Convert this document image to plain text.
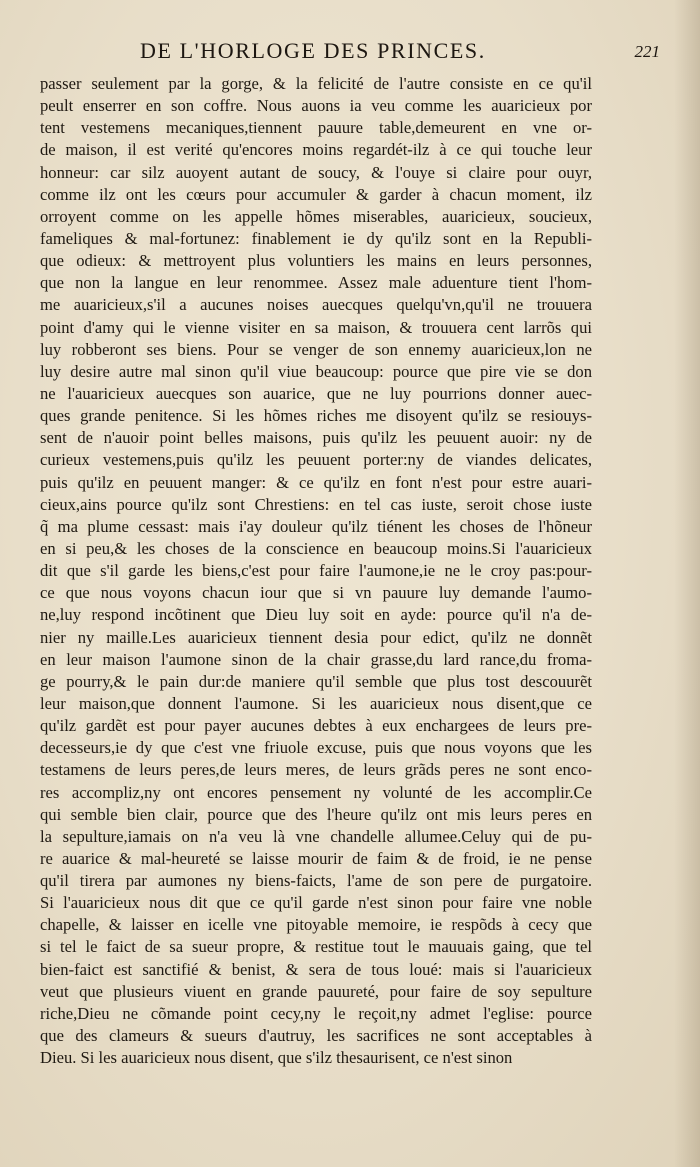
DE L'HORLOGE DES PRINCES.	221
passer seulement par la gorge, & la felicité de l'autre consiste en ce qu'il
peult enserrer en son coffre. Nous auons ia veu comme les auaricieux por
tent vestemens mecaniques,tiennent pauure table,demeurent en vne or-
de maison, il est verité qu'encores moins regardét-ilz à ce qui touche leur
honneur: car silz auoyent autant de soucy, & l'ouye si claire pour ouyr,
comme ilz ont les cœurs pour accumuler & garder à chacun moment, ilz
orroyent comme on les appelle hõmes miserables, auaricieux, soucieux,
fameliques & mal-fortunez: finablement ie dy qu'ilz sont en la Republi-
que odieux: & mettroyent plus voluntiers les mains en leurs personnes,
que non la langue en leur renommee. Assez male aduenture tient l'hom-
me auaricieux,s'il a aucunes noises auecques quelqu'vn,qu'il ne trouuera
point d'amy qui le vienne visiter en sa maison, & trouuera cent larrõs qui
luy robberont ses biens. Pour se venger de son ennemy auaricieux,lon ne
luy desire autre mal sinon qu'il viue beaucoup: pource que pire vie se don
ne l'auaricieux auecques son auarice, que ne luy pourrions donner auec-
ques grande penitence. Si les hõmes riches me disoyent qu'ilz se resiouys-
sent de n'auoir point belles maisons, puis qu'ilz les peuuent auoir: ny de
curieux vestemens,puis qu'ilz les peuuent porter:ny de viandes delicates,
puis qu'ilz en peuuent manger: & ce qu'ilz en font n'est pour estre auari-
cieux,ains pource qu'ilz sont Chrestiens: en tel cas iuste, seroit chose iuste
q̃ ma plume cessast: mais i'ay douleur qu'ilz tiénent les choses de l'hõneur
en si peu,& les choses de la conscience en beaucoup moins.Si l'auaricieux
dit que s'il garde les biens,c'est pour faire l'aumone,ie ne le croy pas:pour-
ce que nous voyons chacun iour que si vn pauure luy demande l'aumo-
ne,luy respond incõtinent que Dieu luy soit en ayde: pource qu'il n'a de-
nier ny maille.Les auaricieux tiennent desia pour edict, qu'ilz ne donnẽt
en leur maison l'aumone sinon de la chair grasse,du lard rance,du froma-
ge pourry,& le pain dur:de maniere qu'il semble que plus tost descouurẽt
leur maison,que donnent l'aumone. Si les auaricieux nous disent,que ce
qu'ilz gardẽt est pour payer aucunes debtes à eux enchargees de leurs pre-
decesseurs,ie dy que c'est vne friuole excuse, puis que nous voyons que les
testamens de leurs peres,de leurs meres, de leurs grãds peres ne sont enco-
res accompliz,ny ont encores pensement ny volunté de les accomplir.Ce
qui semble bien clair, pource que des l'heure qu'ilz ont mis leurs peres en
la sepulture,iamais on n'a veu là vne chandelle allumee.Celuy qui de pu-
re auarice & mal-heureté se laisse mourir de faim & de froid, ie ne pense
qu'il tirera par aumones ny biens-faicts, l'ame de son pere de purgatoire.
Si l'auaricieux nous dit que ce qu'il garde n'est sinon pour faire vne noble
chapelle, & laisser en icelle vne pitoyable memoire, ie respõds à cecy que
si tel le faict de sa sueur propre, & restitue tout le mauuais gaing, que tel
bien-faict est sanctifié & benist, & sera de tous loué: mais si l'auaricieux
veut que plusieurs viuent en grande pauureté, pour faire de soy sepulture
riche,Dieu ne cõmande point cecy,ny le reçoit,ny admet l'eglise: pource
que des clameurs & sueurs d'autruy, les sacrifices ne sont acceptables à
Dieu. Si les auaricieux nous disent, que s'ilz thesaurisent, ce n'est sinon
